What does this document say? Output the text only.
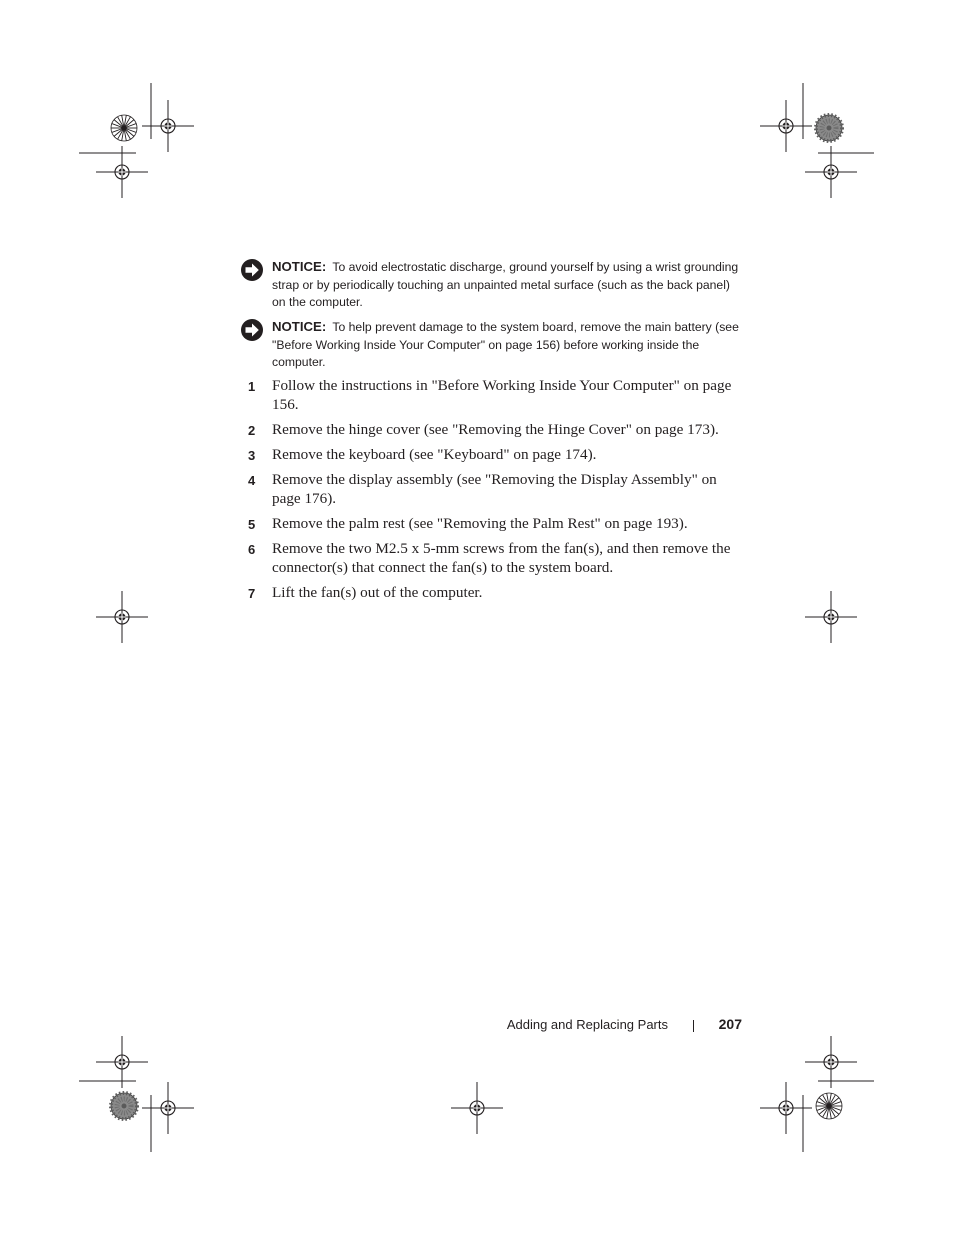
NOTICE: To avoid electrostatic discharge, ground yourself by using a wrist grounding strap or by periodically touching an unpainted metal surface (such as the back panel) on the computer.
NOTICE: To help prevent damage to the system board, remove the main battery (see "Before Working Inside Your Computer" on page 156) before working inside the computer.
1 Follow the instructions in "Before Working Inside Your Computer" on page 156.
2 Remove the hinge cover (see "Removing the Hinge Cover" on page 173).
3 Remove the keyboard (see "Keyboard" on page 174).
4 Remove the display assembly (see "Removing the Display Assembly" on page 176).
5 Remove the palm rest (see "Removing the Palm Rest" on page 193).
6 Remove the two M2.5 x 5-mm screws from the fan(s), and then remove the connector(s) that connect the fan(s) to the system board.
7 Lift the fan(s) out of the computer.
Adding and Replacing Parts	207
